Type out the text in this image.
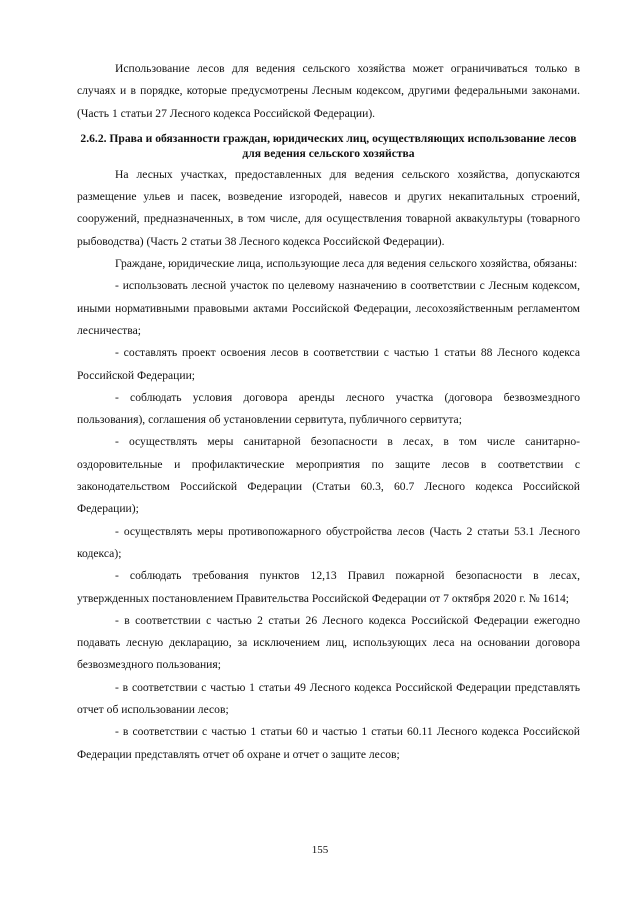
Использование лесов для ведения сельского хозяйства может ограничиваться только в случаях и в порядке, которые предусмотрены Лесным кодексом, другими федеральными законами. (Часть 1 статьи 27 Лесного кодекса Российской Федерации).

2.6.2. Права и обязанности граждан, юридических лиц, осуществляющих использование лесов для ведения сельского хозяйства

На лесных участках, предоставленных для ведения сельского хозяйства, допускаются размещение ульев и пасек, возведение изгородей, навесов и других некапитальных строений, сооружений, предназначенных, в том числе, для осуществления товарной аквакультуры (товарного рыбоводства) (Часть 2 статьи 38 Лесного кодекса Российской Федерации).

Граждане, юридические лица, использующие леса для ведения сельского хозяйства, обязаны:

- использовать лесной участок по целевому назначению в соответствии с Лесным кодексом, иными нормативными правовыми актами Российской Федерации, лесохозяйственным регламентом лесничества;

- составлять проект освоения лесов в соответствии с частью 1 статьи 88 Лесного кодекса Российской Федерации;

- соблюдать условия договора аренды лесного участка (договора безвозмездного пользования), соглашения об установлении сервитута, публичного сервитута;

- осуществлять меры санитарной безопасности в лесах, в том числе санитарно-оздоровительные и профилактические мероприятия по защите лесов в соответствии с законодательством Российской Федерации (Статьи 60.3, 60.7 Лесного кодекса Российской Федерации);

- осуществлять меры противопожарного обустройства лесов (Часть 2 статьи 53.1 Лесного кодекса);

- соблюдать требования пунктов 12,13 Правил пожарной безопасности в лесах, утвержденных постановлением Правительства Российской Федерации от 7 октября 2020 г. № 1614;

- в соответствии с частью 2 статьи 26 Лесного кодекса Российской Федерации ежегодно подавать лесную декларацию, за исключением лиц, использующих леса на основании договора безвозмездного пользования;

- в соответствии с частью 1 статьи 49 Лесного кодекса Российской Федерации представлять отчет об использовании лесов;

- в соответствии с частью 1 статьи 60 и частью 1 статьи 60.11 Лесного кодекса Российской Федерации представлять отчет об охране и отчет о защите лесов;

155
